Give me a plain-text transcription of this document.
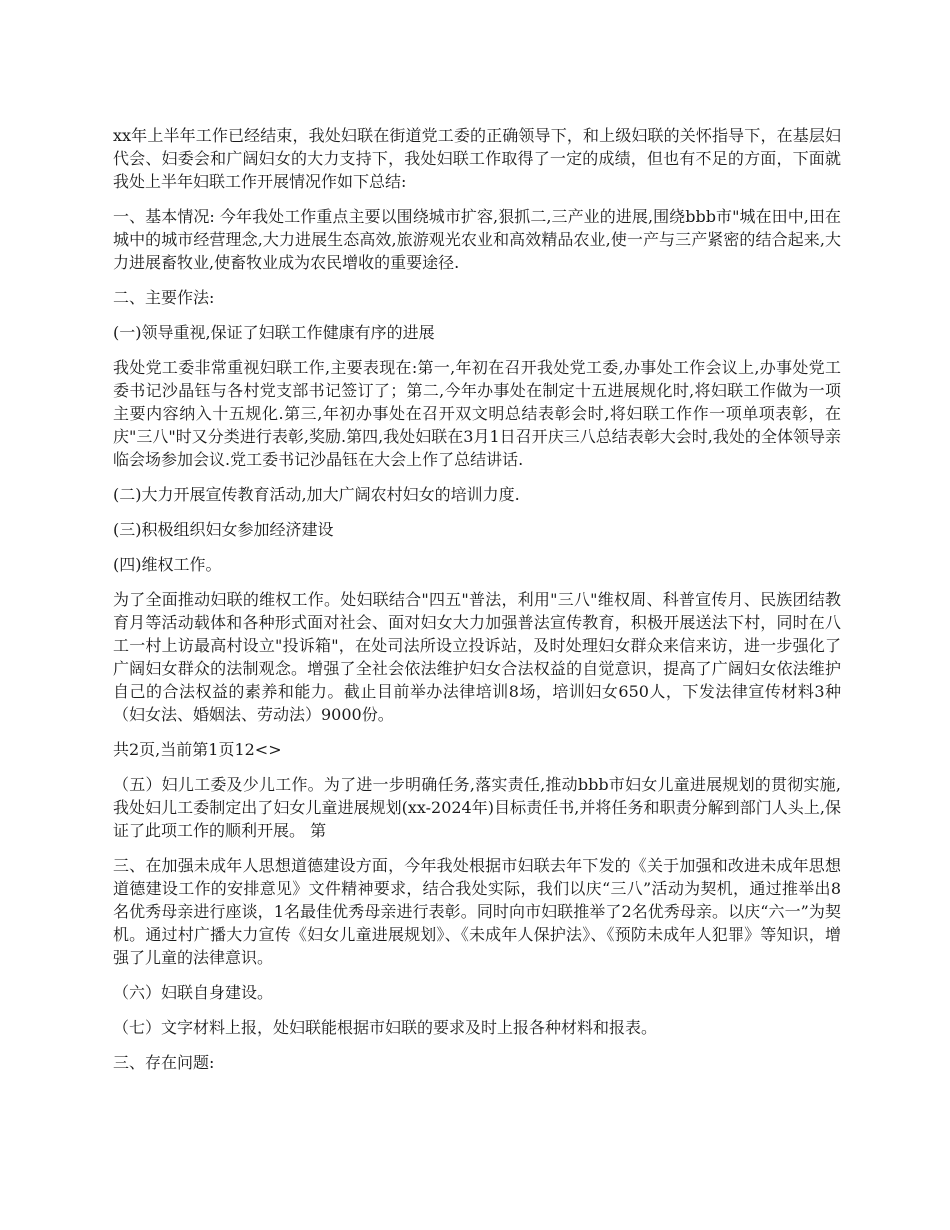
xx年上半年工作已经结束，我处妇联在街道党工委的正确领导下，和上级妇联的关怀指导下，在基层妇代会、妇委会和广阔妇女的大力支持下，我处妇联工作取得了一定的成绩，但也有不足的方面，下面就我处上半年妇联工作开展情况作如下总结:

一、基本情况: 今年我处工作重点主要以围绕城市扩容,狠抓二,三产业的进展,围绕bbb市"城在田中,田在城中的城市经营理念,大力进展生态高效,旅游观光农业和高效精品农业,使一产与三产紧密的结合起来,大力进展畜牧业,使畜牧业成为农民增收的重要途径.

二、主要作法:

(一)领导重视,保证了妇联工作健康有序的进展

我处党工委非常重视妇联工作,主要表现在:第一,年初在召开我处党工委,办事处工作会议上,办事处党工委书记沙晶钰与各村党支部书记签订了；第二,今年办事处在制定十五进展规化时,将妇联工作做为一项主要内容纳入十五规化.第三,年初办事处在召开双文明总结表彰会时,将妇联工作作一项单项表彰，在庆"三八"时又分类进行表彰,奖励.第四,我处妇联在3月1日召开庆三八总结表彰大会时,我处的全体领导亲临会场参加会议.党工委书记沙晶钰在大会上作了总结讲话.

(二)大力开展宣传教育活动,加大广阔农村妇女的培训力度.

(三)积极组织妇女参加经济建设

(四)维权工作。

为了全面推动妇联的维权工作。处妇联结合"四五"普法，利用"三八"维权周、科普宣传月、民族团结教育月等活动载体和各种形式面对社会、面对妇女大力加强普法宣传教育，积极开展送法下村，同时在八工一村上访最高村设立"投诉箱"，在处司法所设立投诉站，及时处理妇女群众来信来访，进一步强化了广阔妇女群众的法制观念。增强了全社会依法维护妇女合法权益的自觉意识，提高了广阔妇女依法维护自己的合法权益的素养和能力。截止目前举办法律培训8场，培训妇女650人，下发法律宣传材料3种（妇女法、婚姻法、劳动法）9000份。

共2页,当前第1页12<>

（五）妇儿工委及少儿工作。为了进一步明确任务,落实责任,推动bbb市妇女儿童进展规划的贯彻实施,我处妇儿工委制定出了妇女儿童进展规划(xx-2024年)目标责任书,并将任务和职责分解到部门人头上,保证了此项工作的顺利开展。 第

三、在加强未成年人思想道德建设方面，今年我处根据市妇联去年下发的《关于加强和改进未成年思想道德建设工作的安排意见》文件精神要求，结合我处实际，我们以庆“三八”活动为契机，通过推举出8名优秀母亲进行座谈，1名最佳优秀母亲进行表彰。同时向市妇联推举了2名优秀母亲。以庆“六一”为契机。通过村广播大力宣传《妇女儿童进展规划》、《未成年人保护法》、《预防未成年人犯罪》等知识，增强了儿童的法律意识。

（六）妇联自身建设。

（七）文字材料上报，处妇联能根据市妇联的要求及时上报各种材料和报表。

三、存在问题:
